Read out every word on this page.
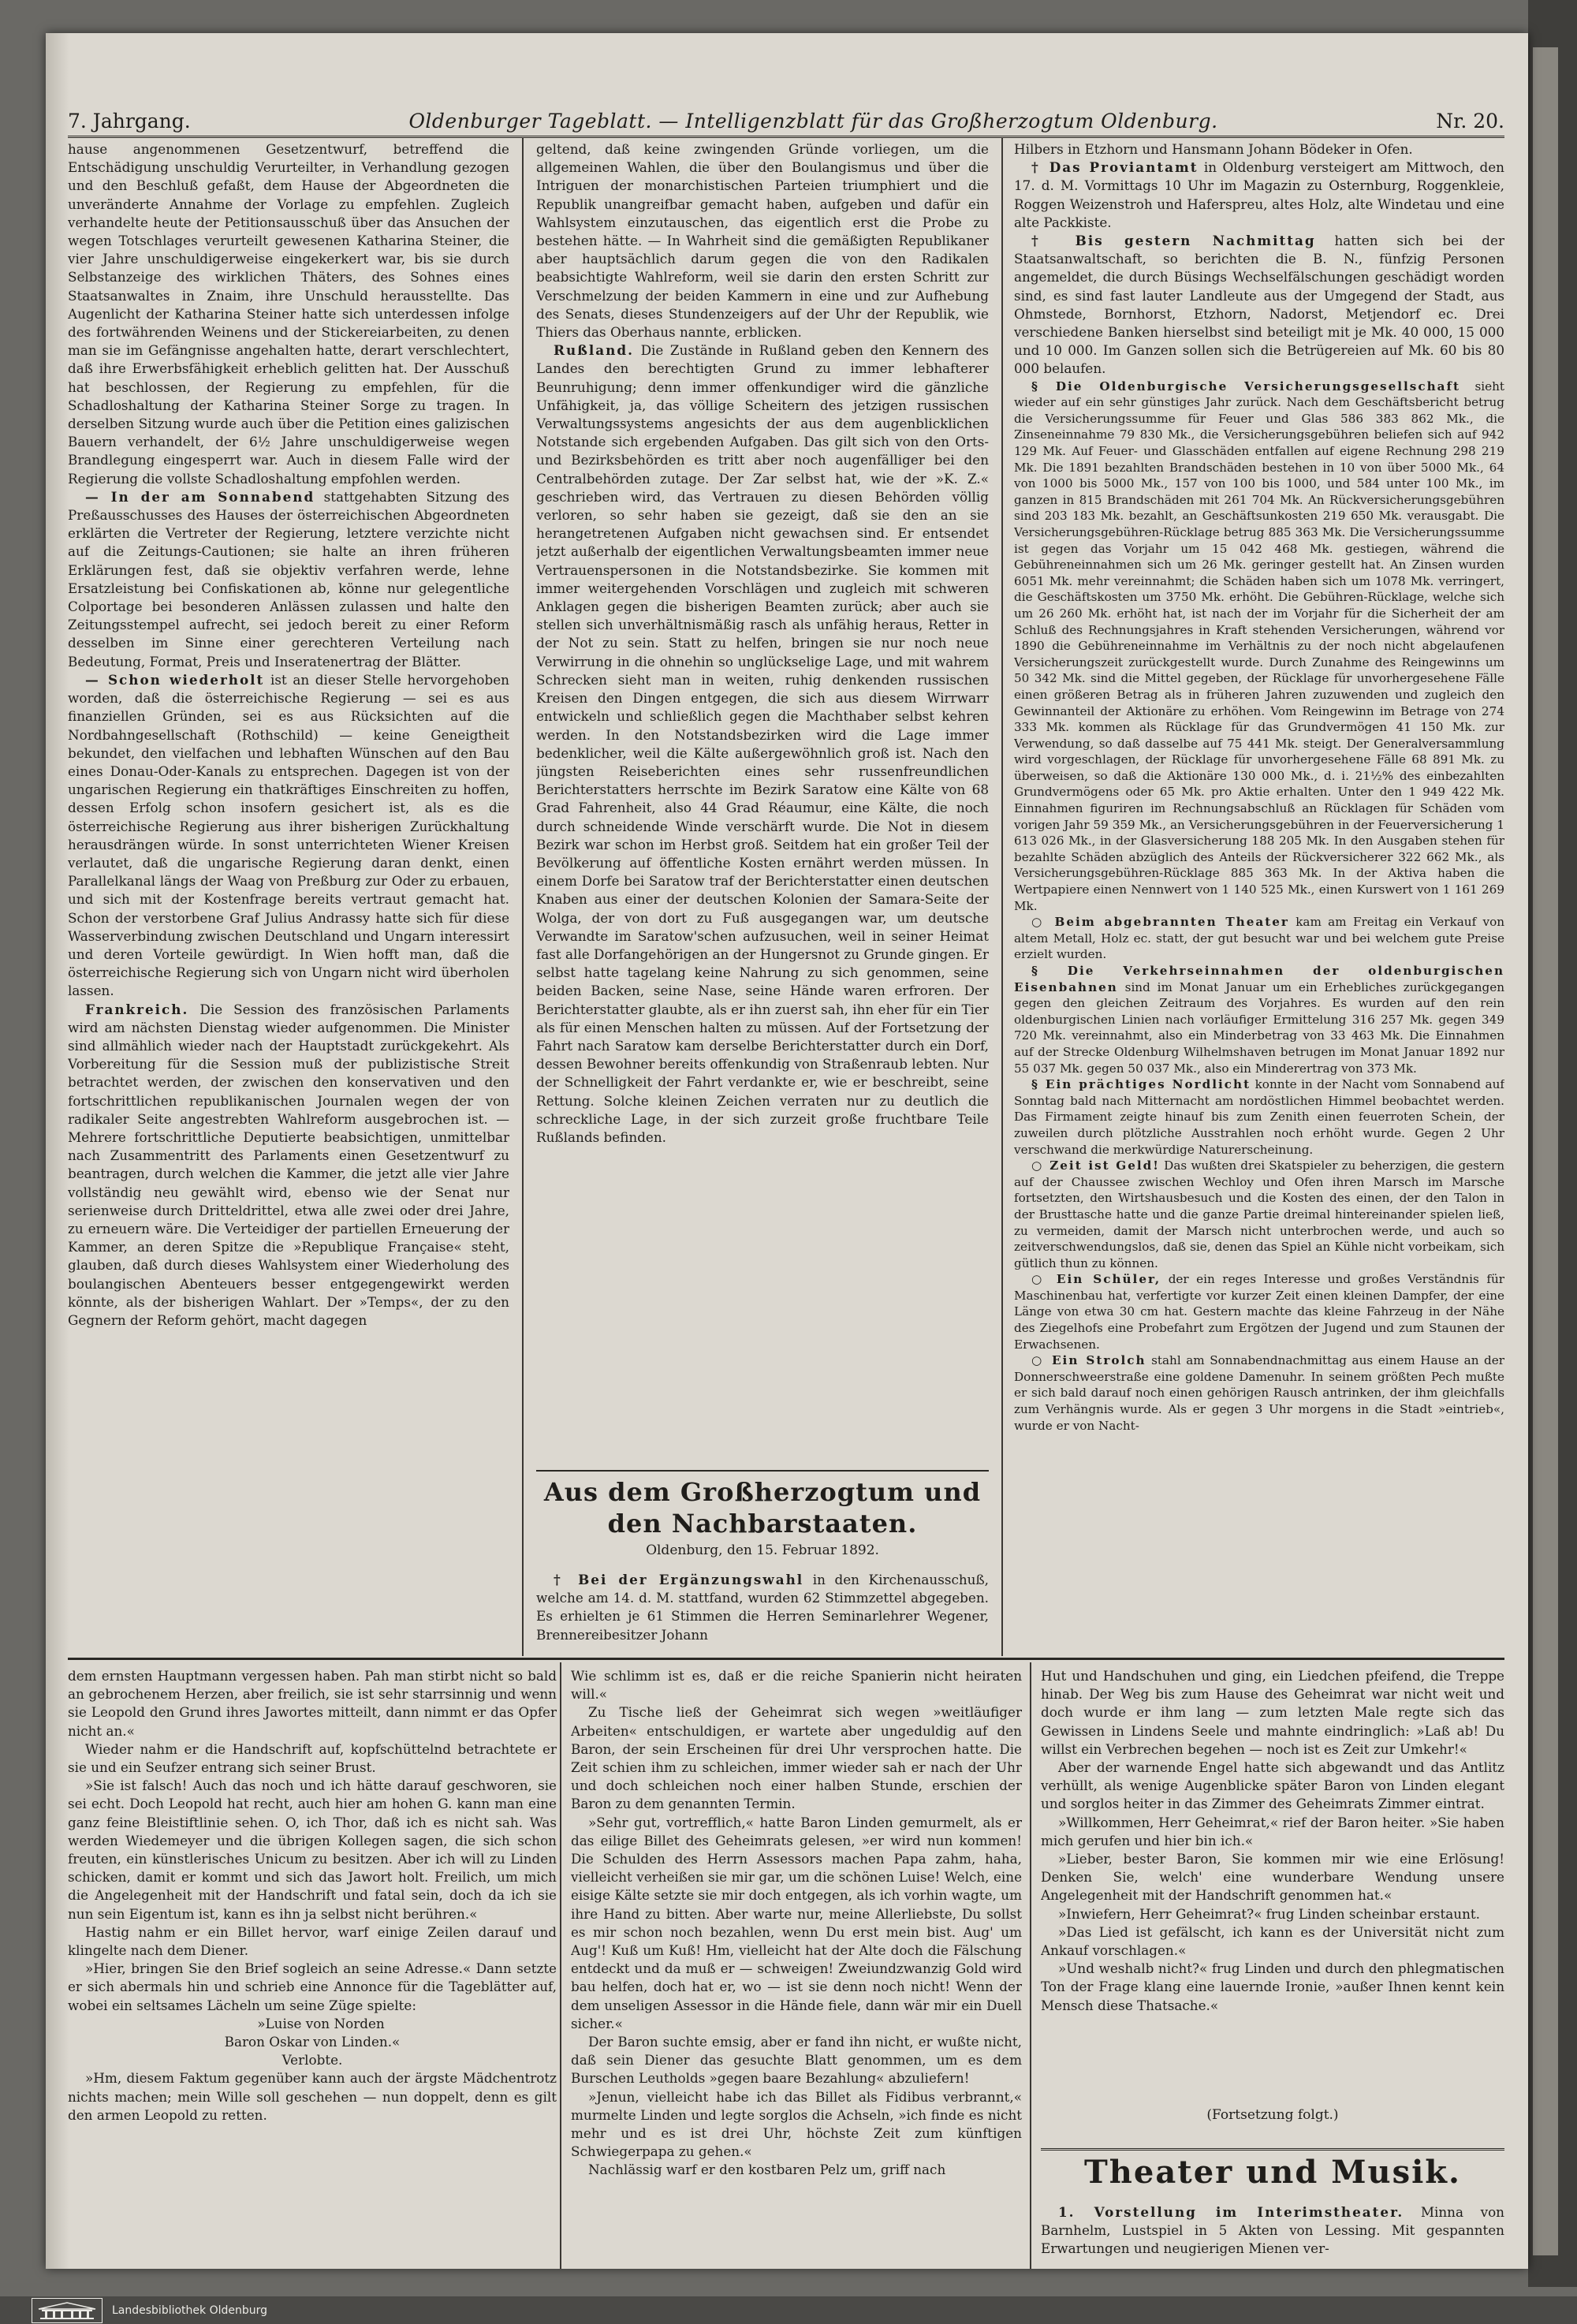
7. Jahrgang.	Oldenburger Tageblatt. — Intelligenzblatt für das Großherzogtum Oldenburg.	Nr. 20.

hause angenommenen Gesetzentwurf, betreffend die Entschädigung unschuldig Verurteilter, in Verhandlung gezogen und den Beschluß gefaßt, dem Hause der Abgeordneten die unveränderte Annahme der Vorlage zu empfehlen. Zugleich verhandelte heute der Petitionsausschuß über das Ansuchen der wegen Totschlages verurteilt gewesenen Katharina Steiner, die vier Jahre unschuldigerweise eingekerkert war, bis sie durch Selbstanzeige des wirklichen Thäters, des Sohnes eines Staatsanwaltes in Znaim, ihre Unschuld herausstellte. Das Augenlicht der Katharina Steiner hatte sich unterdessen infolge des fortwährenden Weinens und der Stickereiarbeiten, zu denen man sie im Gefängnisse angehalten hatte, derart verschlechtert, daß ihre Erwerbsfähigkeit erheblich gelitten hat. Der Ausschuß hat beschlossen, der Regierung zu empfehlen, für die Schadloshaltung der Katharina Steiner Sorge zu tragen. In derselben Sitzung wurde auch über die Petition eines galizischen Bauern verhandelt, der 6½ Jahre unschuldigerweise wegen Brandlegung eingesperrt war. Auch in diesem Falle wird der Regierung die vollste Schadloshaltung empfohlen werden.

— In der am Sonnabend stattgehabten Sitzung des Preßausschusses des Hauses der österreichischen Abgeordneten erklärten die Vertreter der Regierung, letztere verzichte nicht auf die Zeitungs-Cautionen; sie halte an ihren früheren Erklärungen fest, daß sie objektiv verfahren werde, lehne Ersatzleistung bei Confiskationen ab, könne nur gelegentliche Colportage bei besonderen Anlässen zulassen und halte den Zeitungsstempel aufrecht, sei jedoch bereit zu einer Reform desselben im Sinne einer gerechteren Verteilung nach Bedeutung, Format, Preis und Inseratenertrag der Blätter.

— Schon wiederholt ist an dieser Stelle hervorgehoben worden, daß die österreichische Regierung — sei es aus finanziellen Gründen, sei es aus Rücksichten auf die Nordbahngesellschaft (Rothschild) — keine Geneigtheit bekundet, den vielfachen und lebhaften Wünschen auf den Bau eines Donau-Oder-Kanals zu entsprechen. Dagegen ist von der ungarischen Regierung ein thatkräftiges Einschreiten zu hoffen, dessen Erfolg schon insofern gesichert ist, als es die österreichische Regierung aus ihrer bisherigen Zurückhaltung herausdrängen würde. In sonst unterrichteten Wiener Kreisen verlautet, daß die ungarische Regierung daran denkt, einen Parallelkanal längs der Waag von Preßburg zur Oder zu erbauen, und sich mit der Kostenfrage bereits vertraut gemacht hat. Schon der verstorbene Graf Julius Andrassy hatte sich für diese Wasserverbindung zwischen Deutschland und Ungarn interessirt und deren Vorteile gewürdigt. In Wien hofft man, daß die österreichische Regierung sich von Ungarn nicht wird überholen lassen.

Frankreich. Die Session des französischen Parlaments wird am nächsten Dienstag wieder aufgenommen. Die Minister sind allmählich wieder nach der Hauptstadt zurückgekehrt. Als Vorbereitung für die Session muß der publizistische Streit betrachtet werden, der zwischen den konservativen und den fortschrittlichen republikanischen Journalen wegen der von radikaler Seite angestrebten Wahlreform ausgebrochen ist. — Mehrere fortschrittliche Deputierte beabsichtigen, unmittelbar nach Zusammentritt des Parlaments einen Gesetzentwurf zu beantragen, durch welchen die Kammer, die jetzt alle vier Jahre vollständig neu gewählt wird, ebenso wie der Senat nur serienweise durch Dritteldrittel, etwa alle zwei oder drei Jahre, zu erneuern wäre. Die Verteidiger der partiellen Erneuerung der Kammer, an deren Spitze die »Republique Française« steht, glauben, daß durch dieses Wahlsystem einer Wiederholung des boulangischen Abenteuers besser entgegengewirkt werden könnte, als der bisherigen Wahlart. Der »Temps«, der zu den Gegnern der Reform gehört, macht dagegen

geltend, daß keine zwingenden Gründe vorliegen, um die allgemeinen Wahlen, die über den Boulangismus und über die Intriguen der monarchistischen Parteien triumphiert und die Republik unangreifbar gemacht haben, aufgeben und dafür ein Wahlsystem einzutauschen, das eigentlich erst die Probe zu bestehen hätte. — In Wahrheit sind die gemäßigten Republikaner aber hauptsächlich darum gegen die von den Radikalen beabsichtigte Wahlreform, weil sie darin den ersten Schritt zur Verschmelzung der beiden Kammern in eine und zur Aufhebung des Senats, dieses Stundenzeigers auf der Uhr der Republik, wie Thiers das Oberhaus nannte, erblicken.

Rußland. Die Zustände in Rußland geben den Kennern des Landes den berechtigten Grund zu immer lebhafterer Beunruhigung; denn immer offenkundiger wird die gänzliche Unfähigkeit, ja, das völlige Scheitern des jetzigen russischen Verwaltungssystems angesichts der aus dem augenblicklichen Notstande sich ergebenden Aufgaben. Das gilt sich von den Orts- und Bezirksbehörden es tritt aber noch augenfälliger bei den Centralbehörden zutage. Der Zar selbst hat, wie der »K. Z.« geschrieben wird, das Vertrauen zu diesen Behörden völlig verloren, so sehr haben sie gezeigt, daß sie den an sie herangetretenen Aufgaben nicht gewachsen sind. Er entsendet jetzt außerhalb der eigentlichen Verwaltungsbeamten immer neue Vertrauenspersonen in die Notstandsbezirke. Sie kommen mit immer weitergehenden Vorschlägen und zugleich mit schweren Anklagen gegen die bisherigen Beamten zurück; aber auch sie stellen sich unverhältnismäßig rasch als unfähig heraus, Retter in der Not zu sein. Statt zu helfen, bringen sie nur noch neue Verwirrung in die ohnehin so unglückselige Lage, und mit wahrem Schrecken sieht man in weiten, ruhig denkenden russischen Kreisen den Dingen entgegen, die sich aus diesem Wirrwarr entwickeln und schließlich gegen die Machthaber selbst kehren werden. In den Notstandsbezirken wird die Lage immer bedenklicher, weil die Kälte außergewöhnlich groß ist. Nach den jüngsten Reiseberichten eines sehr russenfreundlichen Berichterstatters herrschte im Bezirk Saratow eine Kälte von 68 Grad Fahrenheit, also 44 Grad Réaumur, eine Kälte, die noch durch schneidende Winde verschärft wurde. Die Not in diesem Bezirk war schon im Herbst groß. Seitdem hat ein großer Teil der Bevölkerung auf öffentliche Kosten ernährt werden müssen. In einem Dorfe bei Saratow traf der Berichterstatter einen deutschen Knaben aus einer der deutschen Kolonien der Samara-Seite der Wolga, der von dort zu Fuß ausgegangen war, um deutsche Verwandte im Saratow'schen aufzusuchen, weil in seiner Heimat fast alle Dorfangehörigen an der Hungersnot zu Grunde gingen. Er selbst hatte tagelang keine Nahrung zu sich genommen, seine beiden Backen, seine Nase, seine Hände waren erfroren. Der Berichterstatter glaubte, als er ihn zuerst sah, ihn eher für ein Tier als für einen Menschen halten zu müssen. Auf der Fortsetzung der Fahrt nach Saratow kam derselbe Berichterstatter durch ein Dorf, dessen Bewohner bereits offenkundig von Straßenraub lebten. Nur der Schnelligkeit der Fahrt verdankte er, wie er beschreibt, seine Rettung. Solche kleinen Zeichen verraten nur zu deutlich die schreckliche Lage, in der sich zurzeit große fruchtbare Teile Rußlands befinden.

Aus dem Großherzogtum und den Nachbarstaaten.
Oldenburg, den 15. Februar 1892.

† Bei der Ergänzungswahl in den Kirchenausschuß, welche am 14. d. M. stattfand, wurden 62 Stimmzettel abgegeben. Es erhielten je 61 Stimmen die Herren Seminarlehrer Wegener, Brennereibesitzer Johann

Hilbers in Etzhorn und Hansmann Johann Bödeker in Ofen.

† Das Proviantamt in Oldenburg versteigert am Mittwoch, den 17. d. M. Vormittags 10 Uhr im Magazin zu Osternburg, Roggenkleie, Roggen Weizenstroh und Haferspreu, altes Holz, alte Windetau und eine alte Packkiste.

† Bis gestern Nachmittag hatten sich bei der Staatsanwaltschaft, so berichten die B. N., fünfzig Personen angemeldet, die durch Büsings Wechselfälschungen geschädigt worden sind, es sind fast lauter Landleute aus der Umgegend der Stadt, aus Ohmstede, Bornhorst, Etzhorn, Nadorst, Metjendorf ec. Drei verschiedene Banken hierselbst sind beteiligt mit je Mk. 40 000, 15 000 und 10 000. Im Ganzen sollen sich die Betrügereien auf Mk. 60 bis 80 000 belaufen.

§ Die Oldenburgische Versicherungsgesellschaft sieht wieder auf ein sehr günstiges Jahr zurück. Nach dem Geschäftsbericht betrug die Versicherungssumme für Feuer und Glas 586 383 862 Mk., die Zinseneinnahme 79 830 Mk., die Versicherungsgebühren beliefen sich auf 942 129 Mk. Auf Feuer- und Glasschäden entfallen auf eigene Rechnung 298 219 Mk. Die 1891 bezahlten Brandschäden bestehen in 10 von über 5000 Mk., 64 von 1000 bis 5000 Mk., 157 von 100 bis 1000, und 584 unter 100 Mk., im ganzen in 815 Brandschäden mit 261 704 Mk. An Rückversicherungsgebühren sind 203 183 Mk. bezahlt, an Geschäftsunkosten 219 650 Mk. verausgabt. Die Versicherungsgebühren-Rücklage betrug 885 363 Mk. Die Versicherungssumme ist gegen das Vorjahr um 15 042 468 Mk. gestiegen, während die Gebühreneinnahmen sich um 26 Mk. geringer gestellt hat. An Zinsen wurden 6051 Mk. mehr vereinnahmt; die Schäden haben sich um 1078 Mk. verringert, die Geschäftskosten um 3750 Mk. erhöht. Die Gebühren-Rücklage, welche sich um 26 260 Mk. erhöht hat, ist nach der im Vorjahr für die Sicherheit der am Schluß des Rechnungsjahres in Kraft stehenden Versicherungen, während vor 1890 die Gebühreneinnahme im Verhältnis zu der noch nicht abgelaufenen Versicherungszeit zurückgestellt wurde. Durch Zunahme des Reingewinns um 50 342 Mk. sind die Mittel gegeben, der Rücklage für unvorhergesehene Fälle einen größeren Betrag als in früheren Jahren zuzuwenden und zugleich den Gewinnanteil der Aktionäre zu erhöhen. Vom Reingewinn im Betrage von 274 333 Mk. kommen als Rücklage für das Grundvermögen 41 150 Mk. zur Verwendung, so daß dasselbe auf 75 441 Mk. steigt. Der Generalversammlung wird vorgeschlagen, der Rücklage für unvorhergesehene Fälle 68 891 Mk. zu überweisen, so daß die Aktionäre 130 000 Mk., d. i. 21½% des einbezahlten Grundvermögens oder 65 Mk. pro Aktie erhalten. Unter den 1 949 422 Mk. Einnahmen figuriren im Rechnungsabschluß an Rücklagen für Schäden vom vorigen Jahr 59 359 Mk., an Versicherungsgebühren in der Feuerversicherung 1 613 026 Mk., in der Glasversicherung 188 205 Mk. In den Ausgaben stehen für bezahlte Schäden abzüglich des Anteils der Rückversicherer 322 662 Mk., als Versicherungsgebühren-Rücklage 885 363 Mk. In der Aktiva haben die Wertpapiere einen Nennwert von 1 140 525 Mk., einen Kurswert von 1 161 269 Mk.

○ Beim abgebrannten Theater kam am Freitag ein Verkauf von altem Metall, Holz ec. statt, der gut besucht war und bei welchem gute Preise erzielt wurden.

§ Die Verkehrseinnahmen der oldenburgischen Eisenbahnen sind im Monat Januar um ein Erhebliches zurückgegangen gegen den gleichen Zeitraum des Vorjahres. Es wurden auf den rein oldenburgischen Linien nach vorläufiger Ermittelung 316 257 Mk. gegen 349 720 Mk. vereinnahmt, also ein Minderbetrag von 33 463 Mk. Die Einnahmen auf der Strecke Oldenburg Wilhelmshaven betrugen im Monat Januar 1892 nur 55 037 Mk. gegen 50 037 Mk., also ein Minderertrag von 373 Mk.

§ Ein prächtiges Nordlicht konnte in der Nacht vom Sonnabend auf Sonntag bald nach Mitternacht am nordöstlichen Himmel beobachtet werden. Das Firmament zeigte hinauf bis zum Zenith einen feuerroten Schein, der zuweilen durch plötzliche Ausstrahlen noch erhöht wurde. Gegen 2 Uhr verschwand die merkwürdige Naturerscheinung.

○ Zeit ist Geld! Das wußten drei Skatspieler zu beherzigen, die gestern auf der Chaussee zwischen Wechloy und Ofen ihren Marsch im Marsche fortsetzten, den Wirtshausbesuch und die Kosten des einen, der den Talon in der Brusttasche hatte und die ganze Partie dreimal hintereinander spielen ließ, zu vermeiden, damit der Marsch nicht unterbrochen werde, und auch so zeitverschwendungslos, daß sie, denen das Spiel an Kühle nicht vorbeikam, sich gütlich thun zu können.

○ Ein Schüler, der ein reges Interesse und großes Verständnis für Maschinenbau hat, verfertigte vor kurzer Zeit einen kleinen Dampfer, der eine Länge von etwa 30 cm hat. Gestern machte das kleine Fahrzeug in der Nähe des Ziegelhofs eine Probefahrt zum Ergötzen der Jugend und zum Staunen der Erwachsenen.

○ Ein Strolch stahl am Sonnabendnachmittag aus einem Hause an der Donnerschweerstraße eine goldene Damenuhr. In seinem größten Pech mußte er sich bald darauf noch einen gehörigen Rausch antrinken, der ihm gleichfalls zum Verhängnis wurde. Als er gegen 3 Uhr morgens in die Stadt »eintrieb«, wurde er von Nacht-

dem ernsten Hauptmann vergessen haben. Pah man stirbt nicht so bald an gebrochenem Herzen, aber freilich, sie ist sehr starrsinnig und wenn sie Leopold den Grund ihres Jawortes mitteilt, dann nimmt er das Opfer nicht an.«

Wieder nahm er die Handschrift auf, kopfschüttelnd betrachtete er sie und ein Seufzer entrang sich seiner Brust.

»Sie ist falsch! Auch das noch und ich hätte darauf geschworen, sie sei echt. Doch Leopold hat recht, auch hier am hohen G. kann man eine ganz feine Bleistiftlinie sehen. O, ich Thor, daß ich es nicht sah. Was werden Wiedemeyer und die übrigen Kollegen sagen, die sich schon freuten, ein künstlerisches Unicum zu besitzen. Aber ich will zu Linden schicken, damit er kommt und sich das Jawort holt. Freilich, um mich die Angelegenheit mit der Handschrift und fatal sein, doch da ich sie nun sein Eigentum ist, kann es ihn ja selbst nicht berühren.«

Hastig nahm er ein Billet hervor, warf einige Zeilen darauf und klingelte nach dem Diener.

»Hier, bringen Sie den Brief sogleich an seine Adresse.« Dann setzte er sich abermals hin und schrieb eine Annonce für die Tageblätter auf, wobei ein seltsames Lächeln um seine Züge spielte:

»Luise von Norden
Baron Oskar von Linden.«
Verlobte.

»Hm, diesem Faktum gegenüber kann auch der ärgste Mädchentrotz nichts machen; mein Wille soll geschehen — nun doppelt, denn es gilt den armen Leopold zu retten.

Wie schlimm ist es, daß er die reiche Spanierin nicht heiraten will.«

Zu Tische ließ der Geheimrat sich wegen »weitläufiger Arbeiten« entschuldigen, er wartete aber ungeduldig auf den Baron, der sein Erscheinen für drei Uhr versprochen hatte. Die Zeit schien ihm zu schleichen, immer wieder sah er nach der Uhr und doch schleichen noch einer halben Stunde, erschien der Baron zu dem genannten Termin.

»Sehr gut, vortrefflich,« hatte Baron Linden gemurmelt, als er das eilige Billet des Geheimrats gelesen, »er wird nun kommen! Die Schulden des Herrn Assessors machen Papa zahm, haha, vielleicht verheißen sie mir gar, um die schönen Luise! Welch, eine eisige Kälte setzte sie mir doch entgegen, als ich vorhin wagte, um ihre Hand zu bitten. Aber warte nur, meine Allerliebste, Du sollst es mir schon noch bezahlen, wenn Du erst mein bist. Aug' um Aug'! Kuß um Kuß! Hm, vielleicht hat der Alte doch die Fälschung entdeckt und da muß er — schweigen! Zweiundzwanzig Gold wird bau helfen, doch hat er, wo — ist sie denn noch nicht! Wenn der dem unseligen Assessor in die Hände fiele, dann wär mir ein Duell sicher.«

Der Baron suchte emsig, aber er fand ihn nicht, er wußte nicht, daß sein Diener das gesuchte Blatt genommen, um es dem Burschen Leutholds »gegen baare Bezahlung« abzuliefern!

»Jenun, vielleicht habe ich das Billet als Fidibus verbrannt,« murmelte Linden und legte sorglos die Achseln, »ich finde es nicht mehr und es ist drei Uhr, höchste Zeit zum künftigen Schwiegerpapa zu gehen.«

Nachlässig warf er den kostbaren Pelz um, griff nach

Hut und Handschuhen und ging, ein Liedchen pfeifend, die Treppe hinab. Der Weg bis zum Hause des Geheimrat war nicht weit und doch wurde er ihm lang — zum letzten Male regte sich das Gewissen in Lindens Seele und mahnte eindringlich: »Laß ab! Du willst ein Verbrechen begehen — noch ist es Zeit zur Umkehr!«

Aber der warnende Engel hatte sich abgewandt und das Antlitz verhüllt, als wenige Augenblicke später Baron von Linden elegant und sorglos heiter in das Zimmer des Geheimrats Zimmer eintrat.

»Willkommen, Herr Geheimrat,« rief der Baron heiter. »Sie haben mich gerufen und hier bin ich.«

»Lieber, bester Baron, Sie kommen mir wie eine Erlösung! Denken Sie, welch' eine wunderbare Wendung unsere Angelegenheit mit der Handschrift genommen hat.«

»Inwiefern, Herr Geheimrat?« frug Linden scheinbar erstaunt.

»Das Lied ist gefälscht, ich kann es der Universität nicht zum Ankauf vorschlagen.«

»Und weshalb nicht?« frug Linden und durch den phlegmatischen Ton der Frage klang eine lauernde Ironie, »außer Ihnen kennt kein Mensch diese Thatsache.«

(Fortsetzung folgt.)
Theater und Musik.

1. Vorstellung im Interimstheater. Minna von Barnhelm, Lustspiel in 5 Akten von Lessing. Mit gespannten Erwartungen und neugierigen Mienen ver-

Landesbibliothek Oldenburg
